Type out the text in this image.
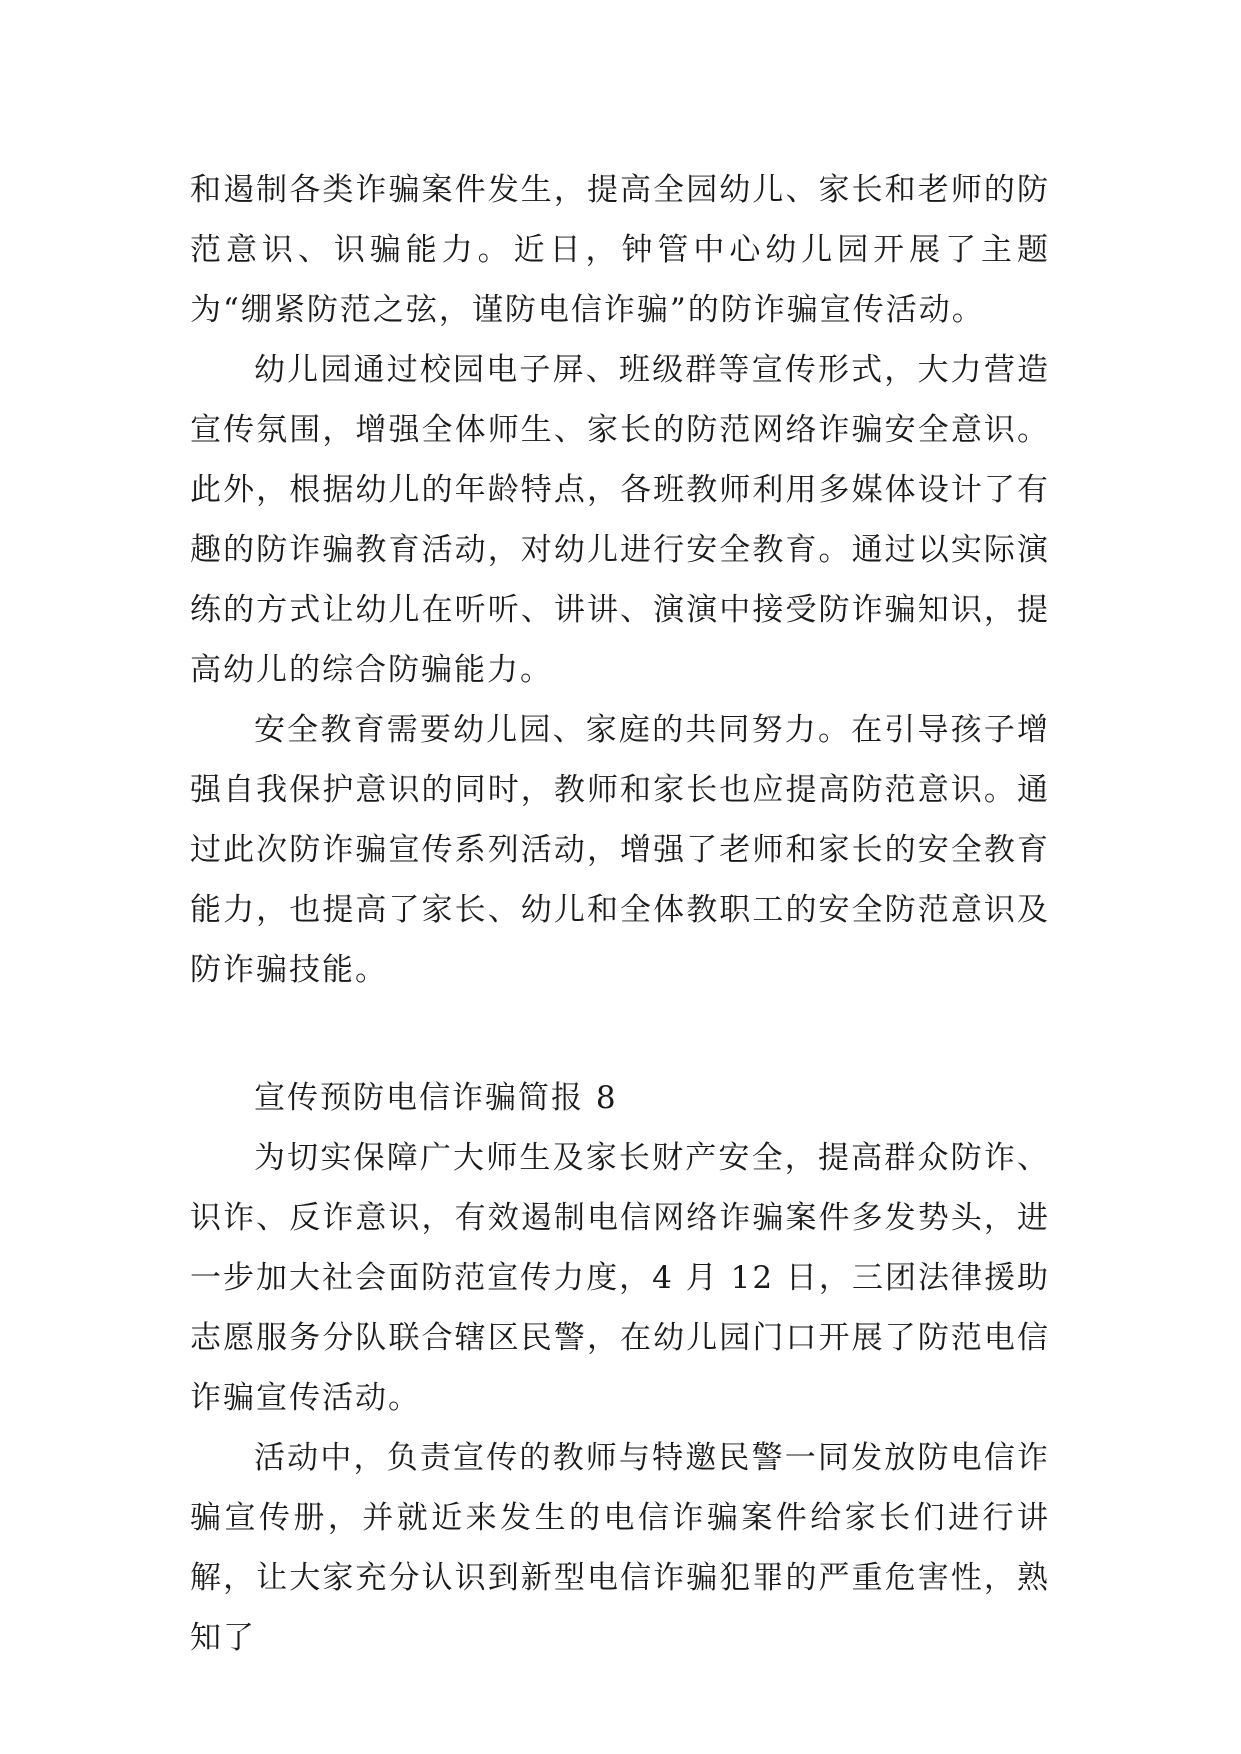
和遏制各类诈骗案件发生，提高全园幼儿、家长和老师的防范意识、识骗能力。近日，钟管中心幼儿园开展了主题为“绷紧防范之弦，谨防电信诈骗”的防诈骗宣传活动。

幼儿园通过校园电子屏、班级群等宣传形式，大力营造宣传氛围，增强全体师生、家长的防范网络诈骗安全意识。此外，根据幼儿的年龄特点，各班教师利用多媒体设计了有趣的防诈骗教育活动，对幼儿进行安全教育。通过以实际演练的方式让幼儿在听听、讲讲、演演中接受防诈骗知识，提高幼儿的综合防骗能力。

安全教育需要幼儿园、家庭的共同努力。在引导孩子增强自我保护意识的同时，教师和家长也应提高防范意识。通过此次防诈骗宣传系列活动，增强了老师和家长的安全教育能力，也提高了家长、幼儿和全体教职工的安全防范意识及防诈骗技能。

宣传预防电信诈骗简报 8

为切实保障广大师生及家长财产安全，提高群众防诈、识诈、反诈意识，有效遏制电信网络诈骗案件多发势头，进一步加大社会面防范宣传力度，4 月 12 日，三团法律援助志愿服务分队联合辖区民警，在幼儿园门口开展了防范电信诈骗宣传活动。

活动中，负责宣传的教师与特邀民警一同发放防电信诈骗宣传册，并就近来发生的电信诈骗案件给家长们进行讲解，让大家充分认识到新型电信诈骗犯罪的严重危害性，熟知了
